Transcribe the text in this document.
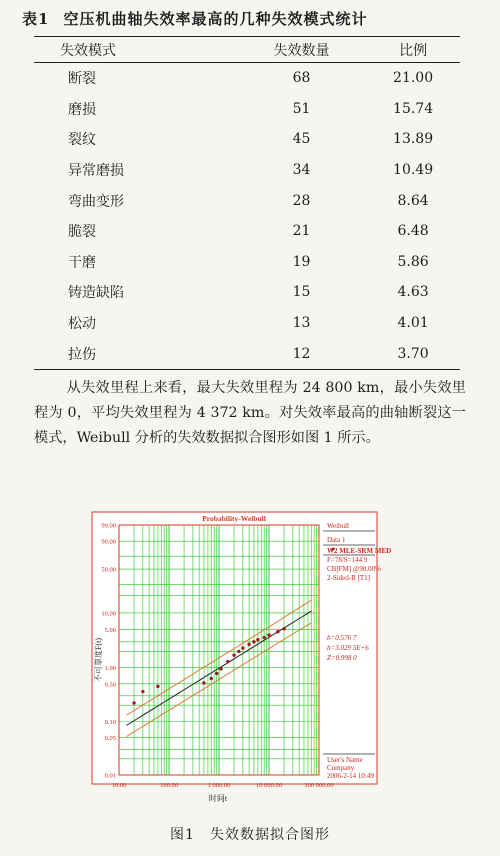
表1 空压机曲轴失效率最高的几种失效模式统计
失效模式	失效数量	比例
断裂	68	21.00
磨损	51	15.74
裂纹	45	13.89
异常磨损	34	10.49
弯曲变形	28	8.64
脆裂	21	6.48
干磨	19	5.86
铸造缺陷	15	4.63
松动	13	4.01
拉伤	12	3.70
从失效里程上来看，最大失效里程为 24 800 km，最小失效里程为 0，平均失效里程为 4 372 km。对失效率最高的曲轴断裂这一模式，Weibull 分析的失效数据拟合图形如图 1 所示。
Probability-Weibull
99.00
90.00
50.00
10.00
5.00
1.00
0.50
0.10
0.05
0.01
10.00	100.00	1 000.00	10 000.00	100 000.00
不可靠度F(t)
时间t
Weibull
Data 1
W2 MLE-SRM MED
F=78/S=144 9
CB[FM] @90.00%
2-Sided-B [T1]
b=0.576 7
h=3.029 5E+6
Z=0.998 0
User's Name
Company
2006-2-14 10:49
图1　失效数据拟合图形
